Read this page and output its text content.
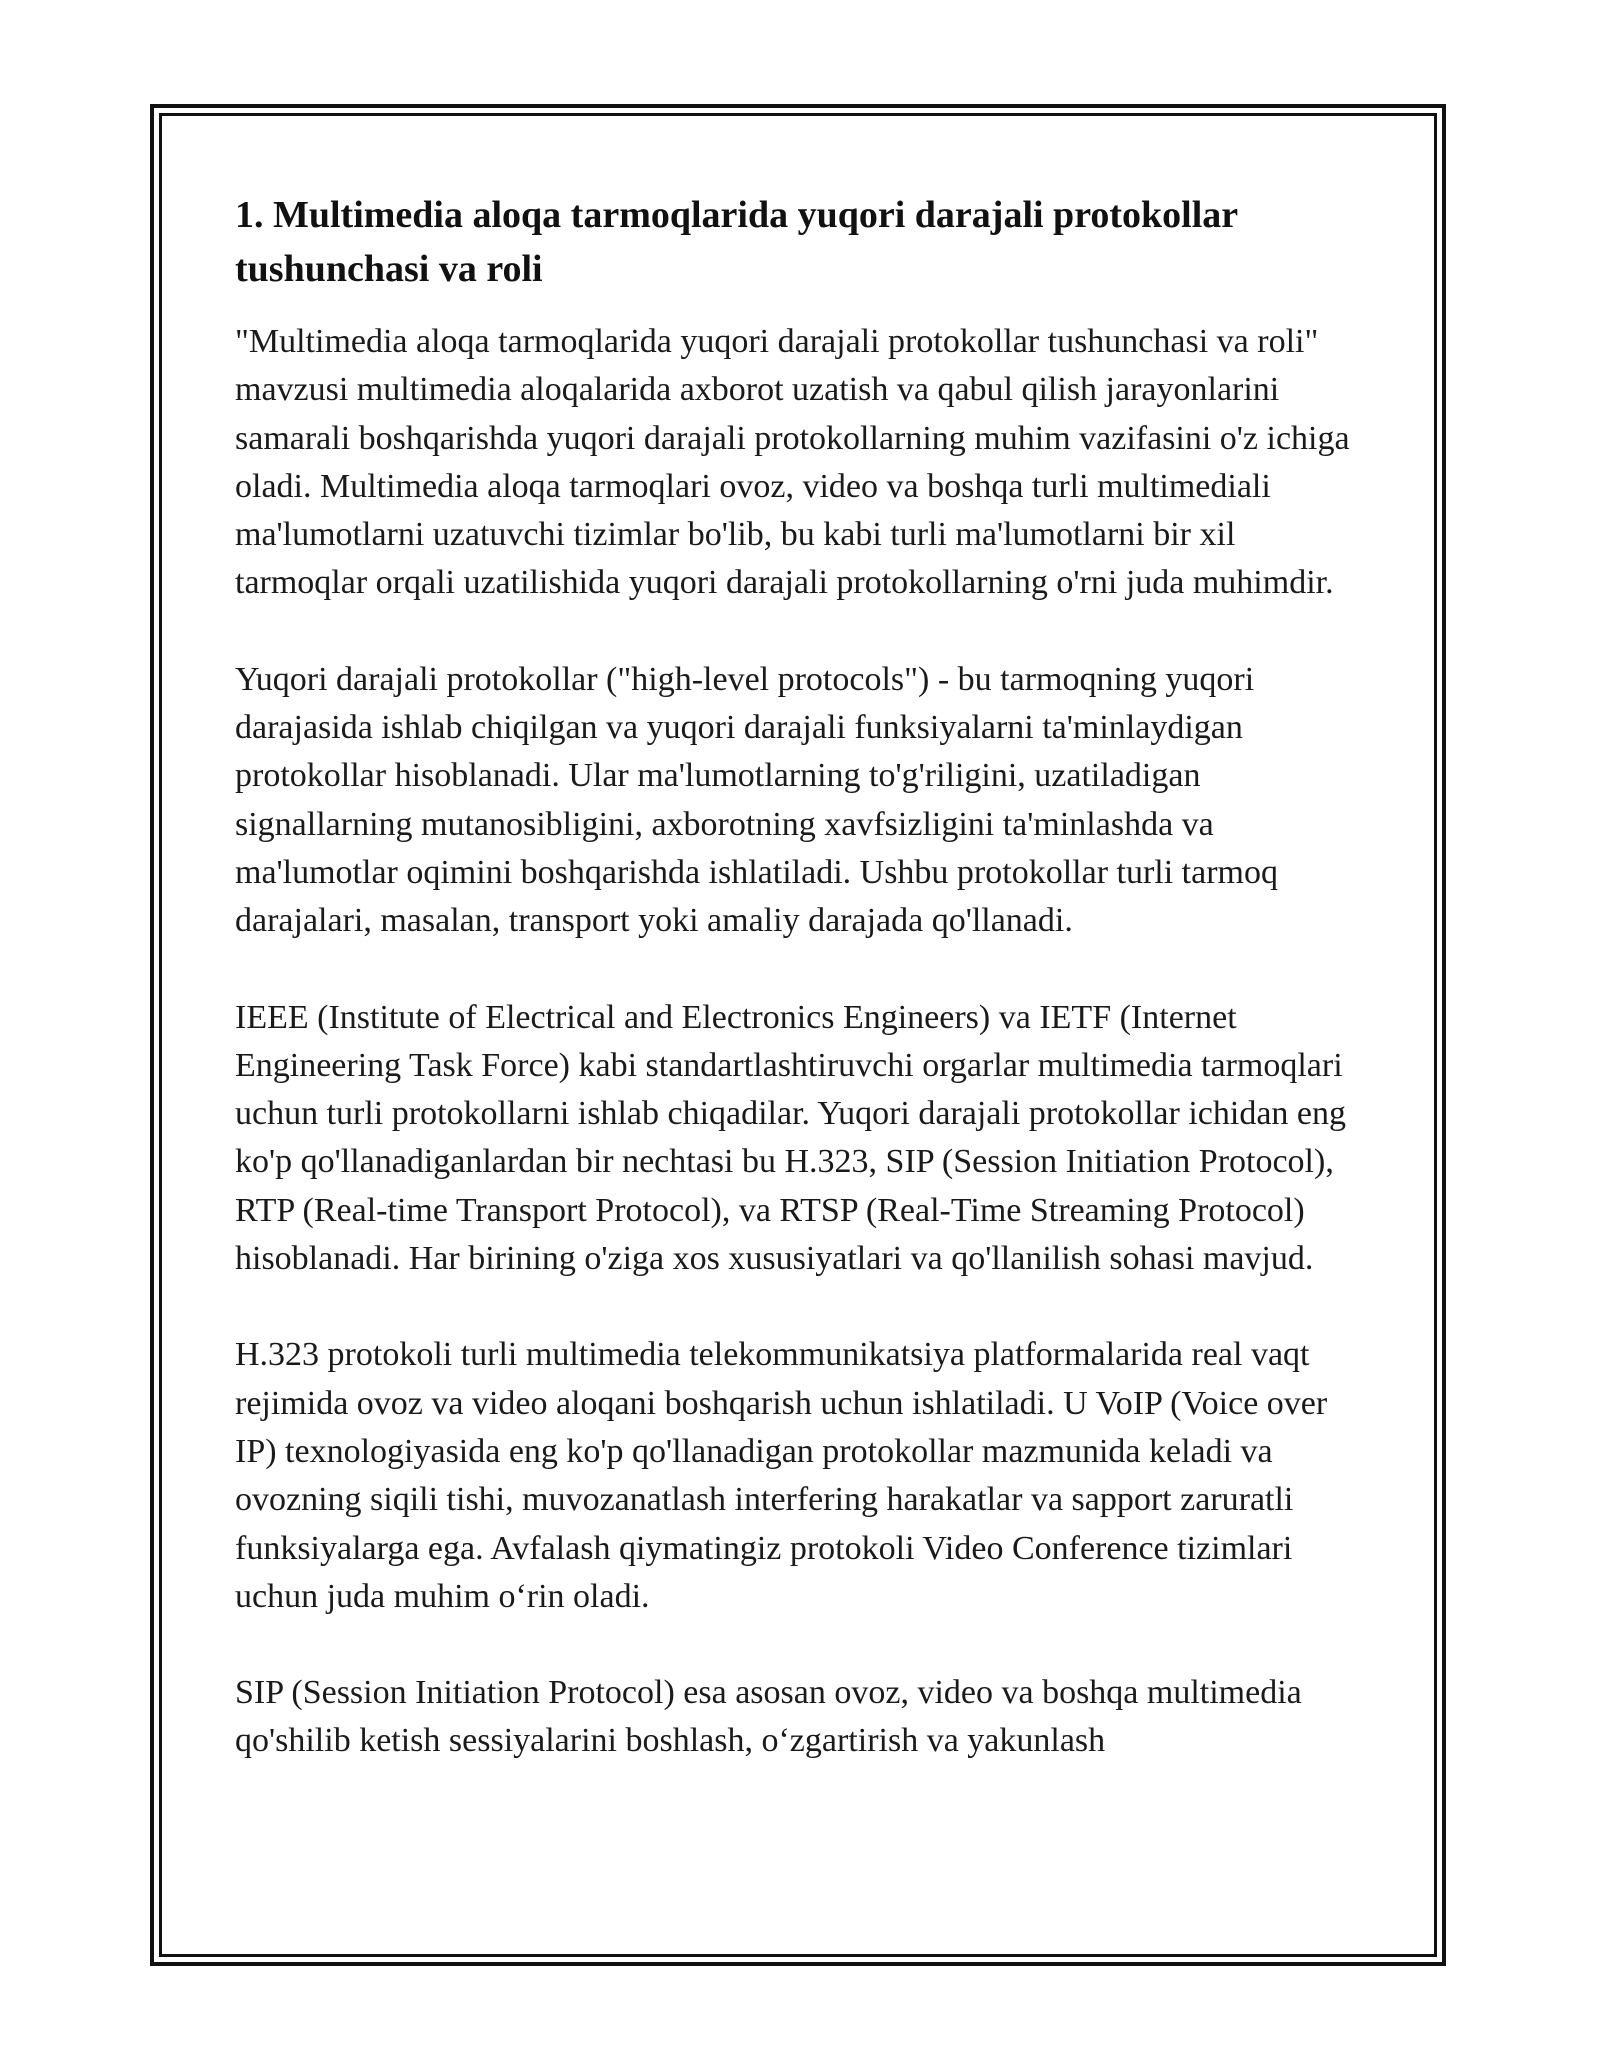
1. Multimedia aloqa tarmoqlarida yuqori darajali protokollar tushunchasi va roli

"Multimedia aloqa tarmoqlarida yuqori darajali protokollar tushunchasi va roli" mavzusi multimedia aloqalarida axborot uzatish va qabul qilish jarayonlarini samarali boshqarishda yuqori darajali protokollarning muhim vazifasini o'z ichiga oladi. Multimedia aloqa tarmoqlari ovoz, video va boshqa turli multimediali ma'lumotlarni uzatuvchi tizimlar bo'lib, bu kabi turli ma'lumotlarni bir xil tarmoqlar orqali uzatilishida yuqori darajali protokollarning o'rni juda muhimdir.

Yuqori darajali protokollar ("high-level protocols") - bu tarmoqning yuqori darajasida ishlab chiqilgan va yuqori darajali funksiyalarni ta'minlaydigan protokollar hisoblanadi. Ular ma'lumotlarning to'g'riligini, uzatiladigan signallarning mutanosibligini, axborotning xavfsizligini ta'minlashda va ma'lumotlar oqimini boshqarishda ishlatiladi. Ushbu protokollar turli tarmoq darajalari, masalan, transport yoki amaliy darajada qo'llanadi.

IEEE (Institute of Electrical and Electronics Engineers) va IETF (Internet Engineering Task Force) kabi standartlashtiruvchi orgarlar multimedia tarmoqlari uchun turli protokollarni ishlab chiqadilar. Yuqori darajali protokollar ichidan eng ko'p qo'llanadiganlardan bir nechtasi bu H.323, SIP (Session Initiation Protocol), RTP (Real-time Transport Protocol), va RTSP (Real-Time Streaming Protocol) hisoblanadi. Har birining o'ziga xos xususiyatlari va qo'llanilish sohasi mavjud.

H.323 protokoli turli multimedia telekommunikatsiya platformalarida real vaqt rejimida ovoz va video aloqani boshqarish uchun ishlatiladi. U VoIP (Voice over IP) texnologiyasida eng ko'p qo'llanadigan protokollar mazmunida keladi va ovozning siqili tishi, muvozanatlash interfering harakatlar va sapport zaruratli funksiyalarga ega. Avfalash qiymatingiz protokoli Video Conference tizimlari uchun juda muhim o‘rin oladi.

SIP (Session Initiation Protocol) esa asosan ovoz, video va boshqa multimedia qo'shilib ketish sessiyalarini boshlash, o‘zgartirish va yakunlash
